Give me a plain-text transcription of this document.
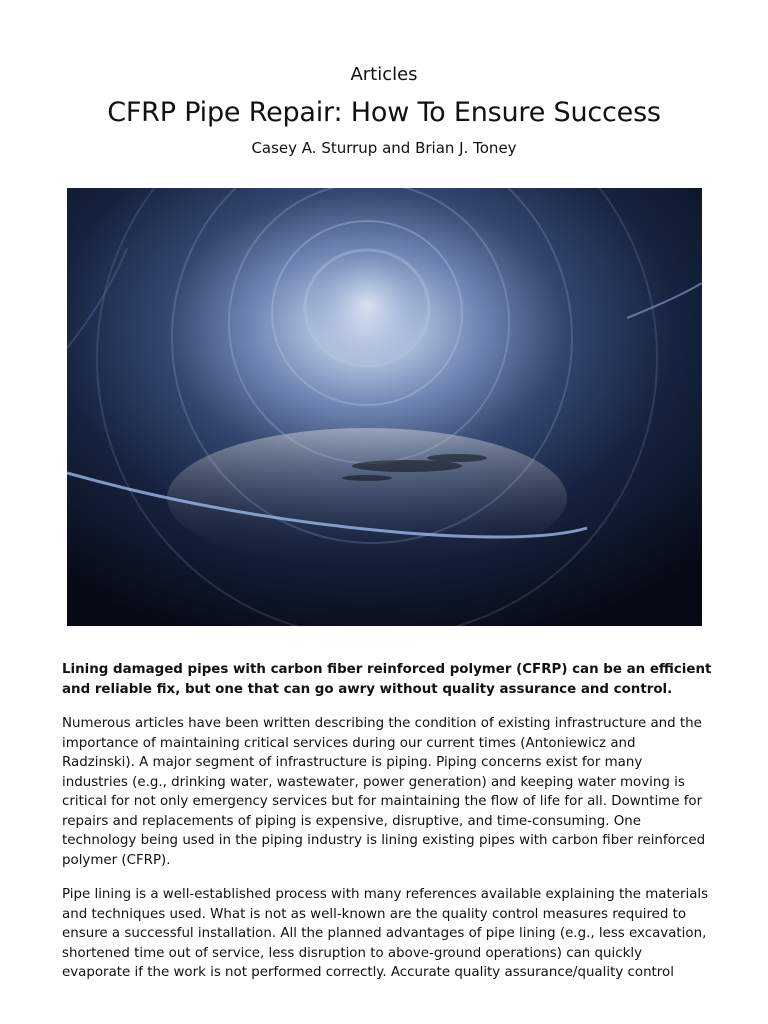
Articles
CFRP Pipe Repair: How To Ensure Success
Casey A. Sturrup and Brian J. Toney
Lining damaged pipes with carbon fiber reinforced polymer (CFRP) can be an efficient and reliable fix, but one that can go awry without quality assurance and control.
Numerous articles have been written describing the condition of existing infrastructure and the importance of maintaining critical services during our current times (Antoniewicz and Radzinski). A major segment of infrastructure is piping. Piping concerns exist for many industries (e.g., drinking water, wastewater, power generation) and keeping water moving is critical for not only emergency services but for maintaining the flow of life for all. Downtime for repairs and replacements of piping is expensive, disruptive, and time-consuming. One technology being used in the piping industry is lining existing pipes with carbon fiber reinforced polymer (CFRP).
Pipe lining is a well-established process with many references available explaining the materials and techniques used. What is not as well-known are the quality control measures required to ensure a successful installation. All the planned advantages of pipe lining (e.g., less excavation, shortened time out of service, less disruption to above-ground operations) can quickly evaporate if the work is not performed correctly. Accurate quality assurance/quality control
